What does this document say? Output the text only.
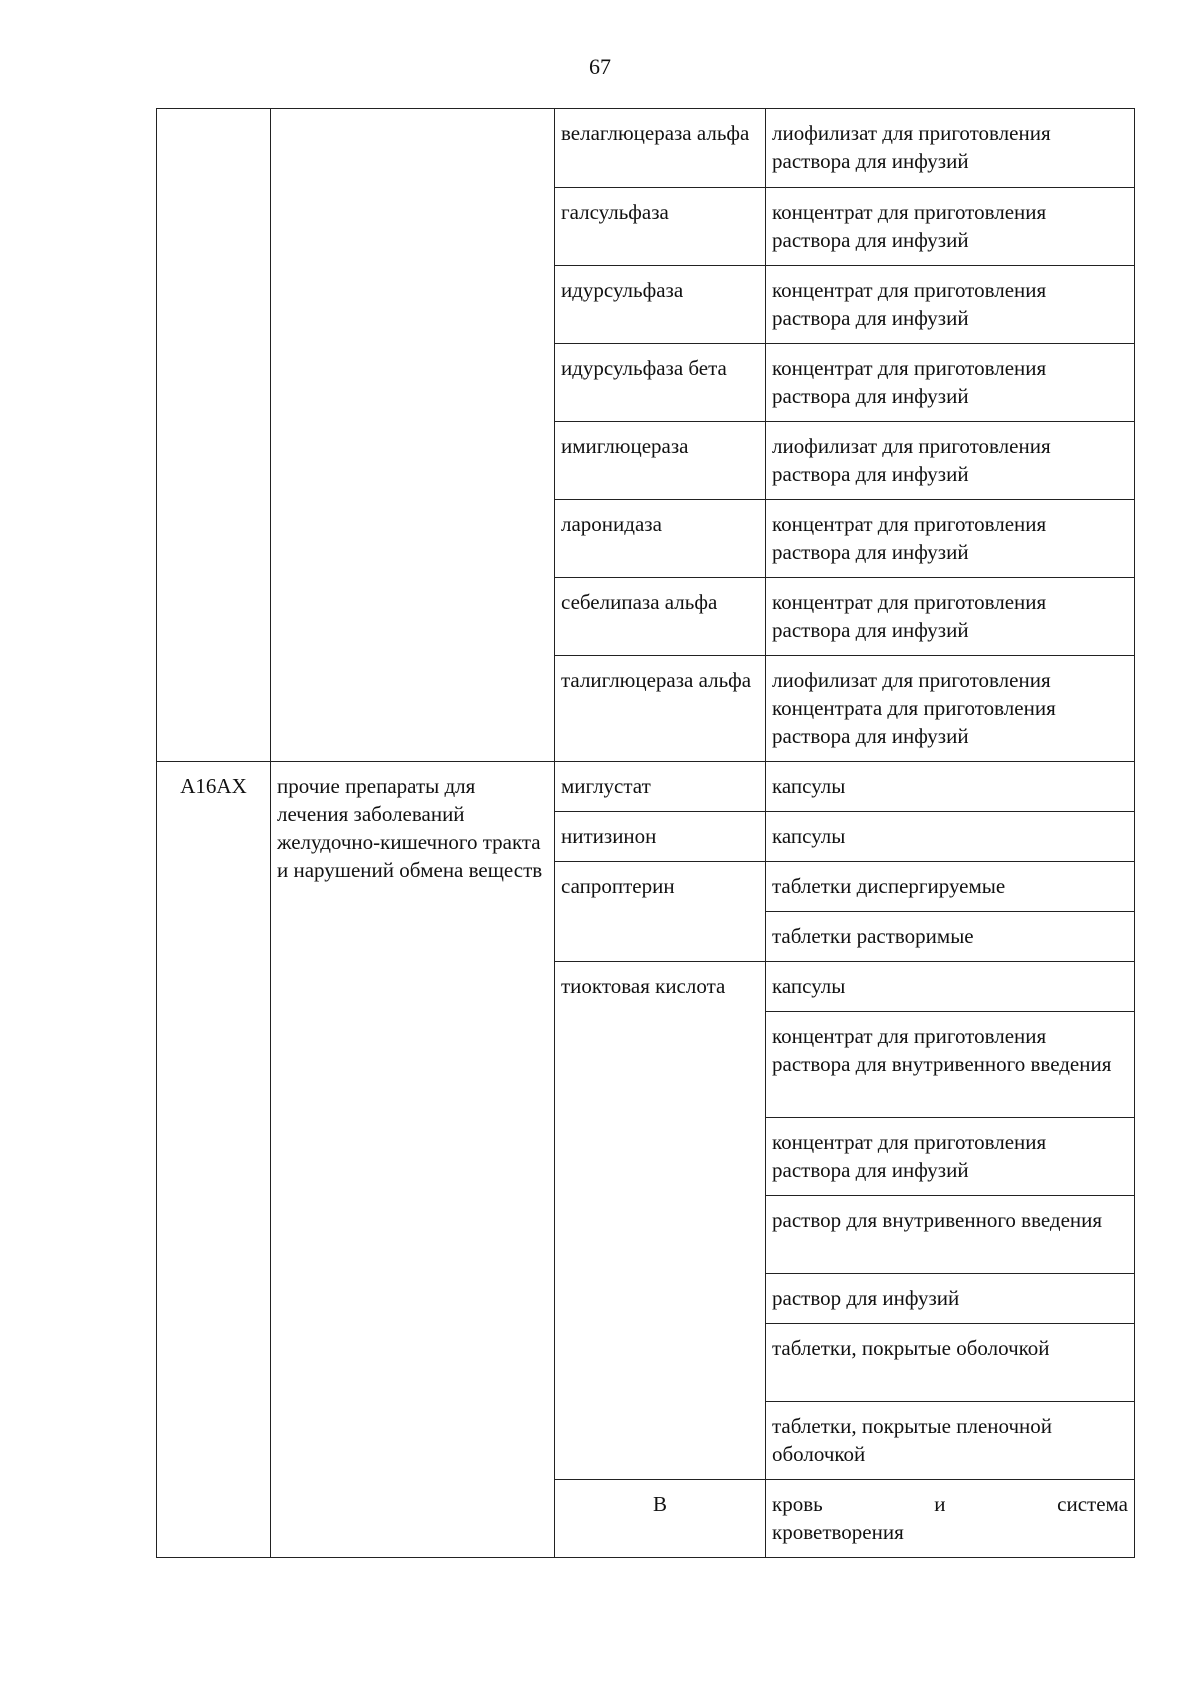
67

		велаглюцераза альфа	лиофилизат для приготовления раствора для инфузий	

		галсульфаза	концентрат для приготовления раствора для инфузий	

		идурсульфаза	концентрат для приготовления раствора для инфузий	

		идурсульфаза бета	концентрат для приготовления раствора для инфузий	

		имиглюцераза	лиофилизат для приготовления раствора для инфузий	

		ларонидаза	концентрат для приготовления раствора для инфузий	

		себелипаза альфа	концентрат для приготовления раствора для инфузий	

		талиглюцераза альфа	лиофилизат для приготовления концентрата для приготовления раствора для инфузий	

A16AX	прочие препараты для лечения заболеваний желудочно-кишечного тракта и нарушений обмена веществ	миглустат	капсулы	

		нитизинон	капсулы	

		сапроптерин	таблетки диспергируемые	

			таблетки растворимые	

		тиоктовая кислота	капсулы	

			концентрат для приготовления раствора для внутривенного введения	

			концентрат для приготовления раствора для инфузий	

			раствор для внутривенного введения	

			раствор для инфузий	

			таблетки, покрытые оболочкой	

			таблетки, покрытые пленочной оболочкой	

		B	кровь и система
кроветворения	
